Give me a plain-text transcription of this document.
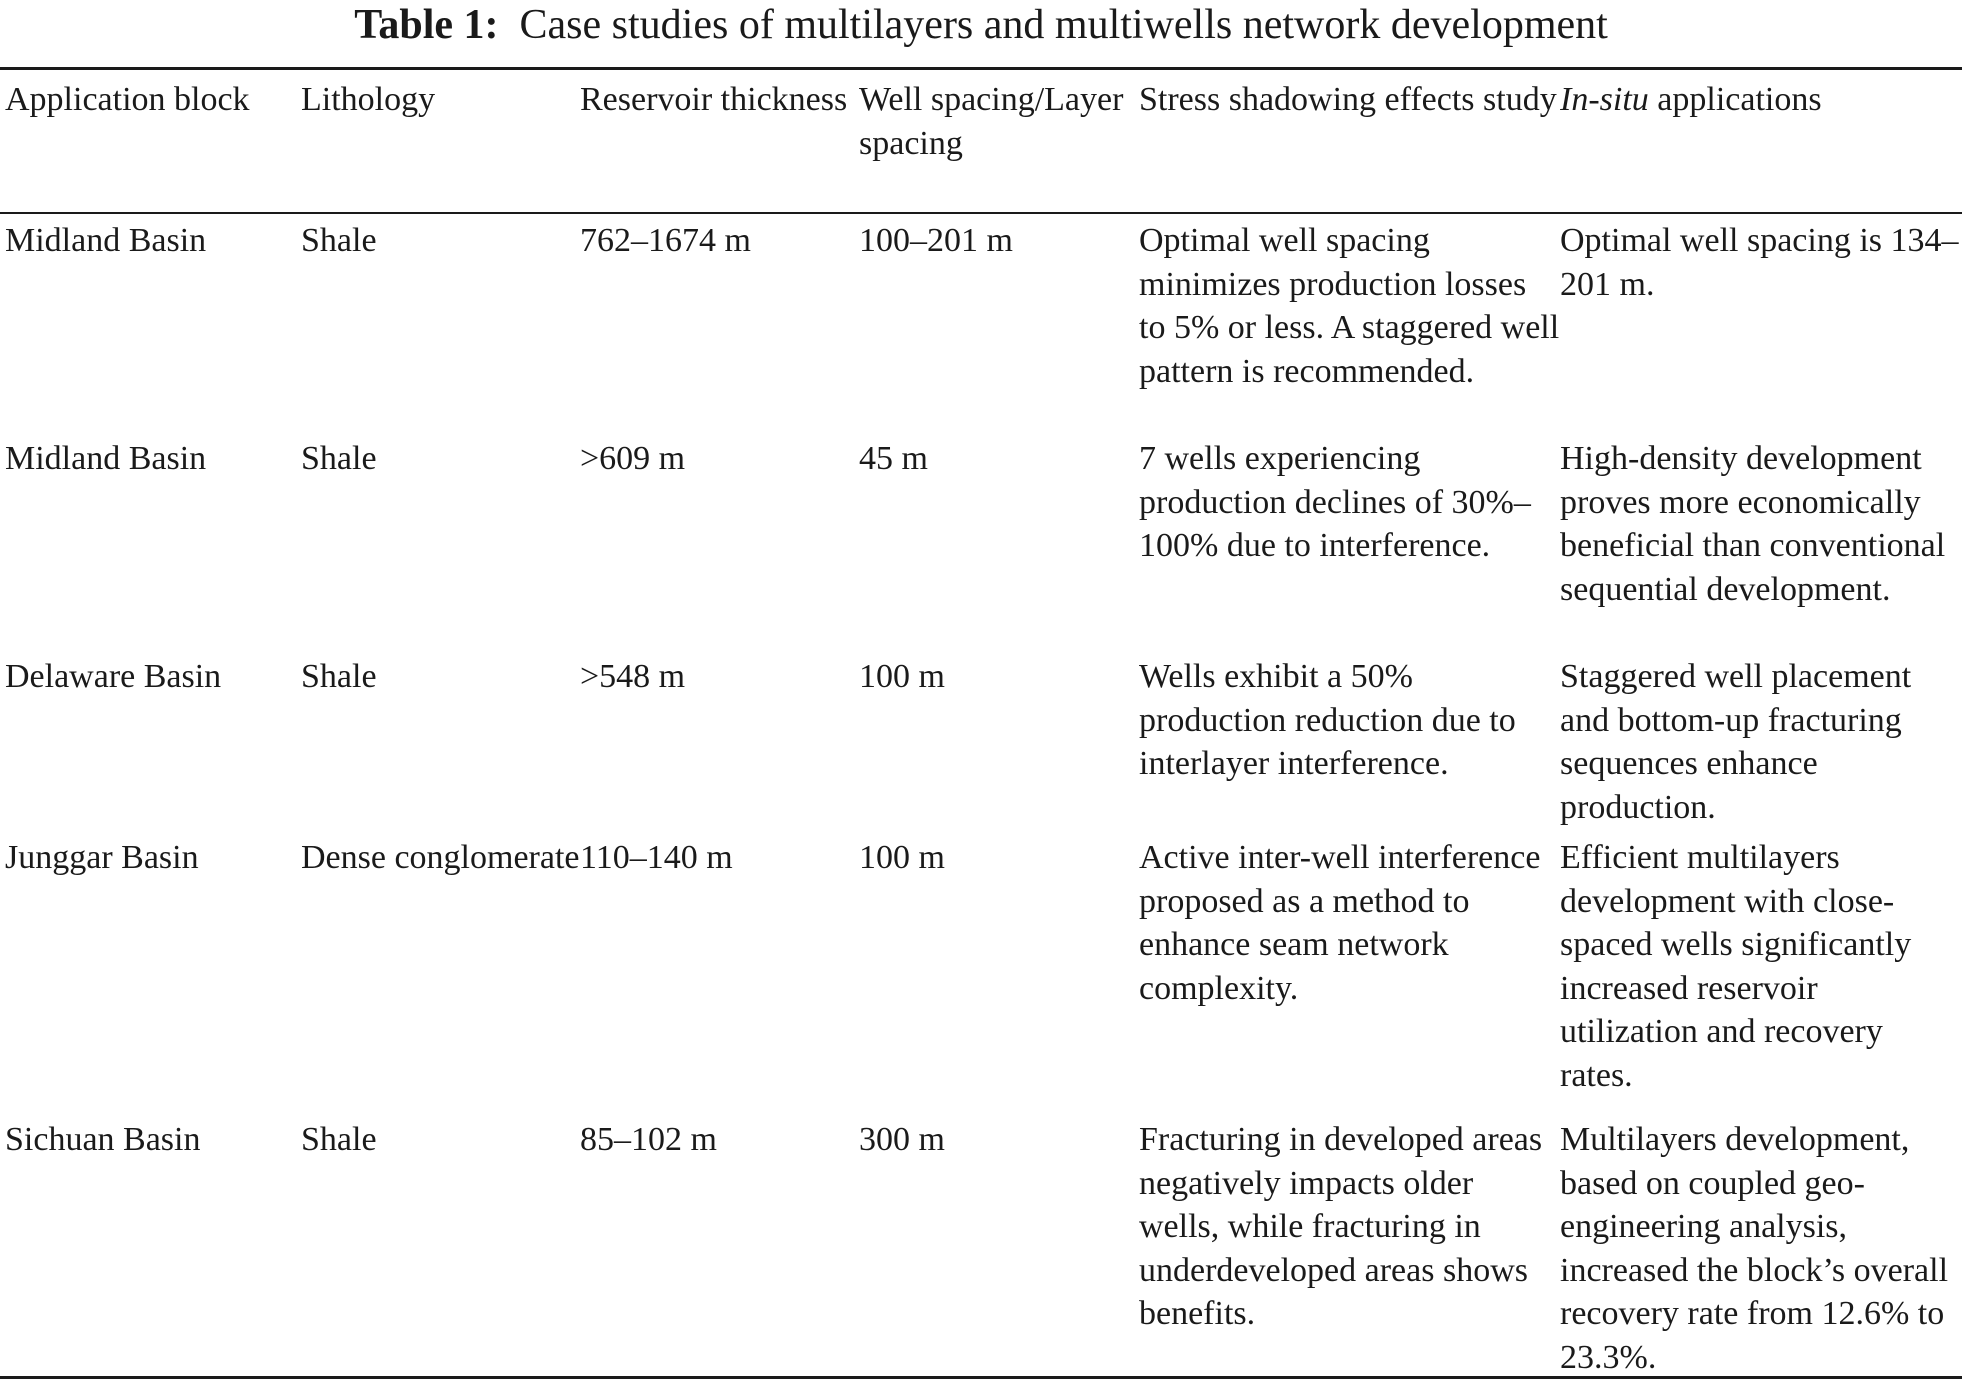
Table 1: Case studies of multilayers and multiwells network development
Application block	Lithology	Reservoir thickness	Well spacing/Layer spacing	Stress shadowing effects study	In-situ applications
Midland Basin	Shale	762–1674 m	100–201 m	Optimal well spacing minimizes production losses to 5% or less. A staggered well pattern is recommended.	Optimal well spacing is 134–201 m.
Midland Basin	Shale	>609 m	45 m	7 wells experiencing production declines of 30%–100% due to interference.	High-density development proves more economically beneficial than conventional sequential development.
Delaware Basin	Shale	>548 m	100 m	Wells exhibit a 50% production reduction due to interlayer interference.	Staggered well placement and bottom-up fracturing sequences enhance production.
Junggar Basin	Dense conglomerate	110–140 m	100 m	Active inter-well interference proposed as a method to enhance seam network complexity.	Efficient multilayers development with close-spaced wells significantly increased reservoir utilization and recovery rates.
Sichuan Basin	Shale	85–102 m	300 m	Fracturing in developed areas negatively impacts older wells, while fracturing in underdeveloped areas shows benefits.	Multilayers development, based on coupled geo-engineering analysis, increased the block’s overall recovery rate from 12.6% to 23.3%.
